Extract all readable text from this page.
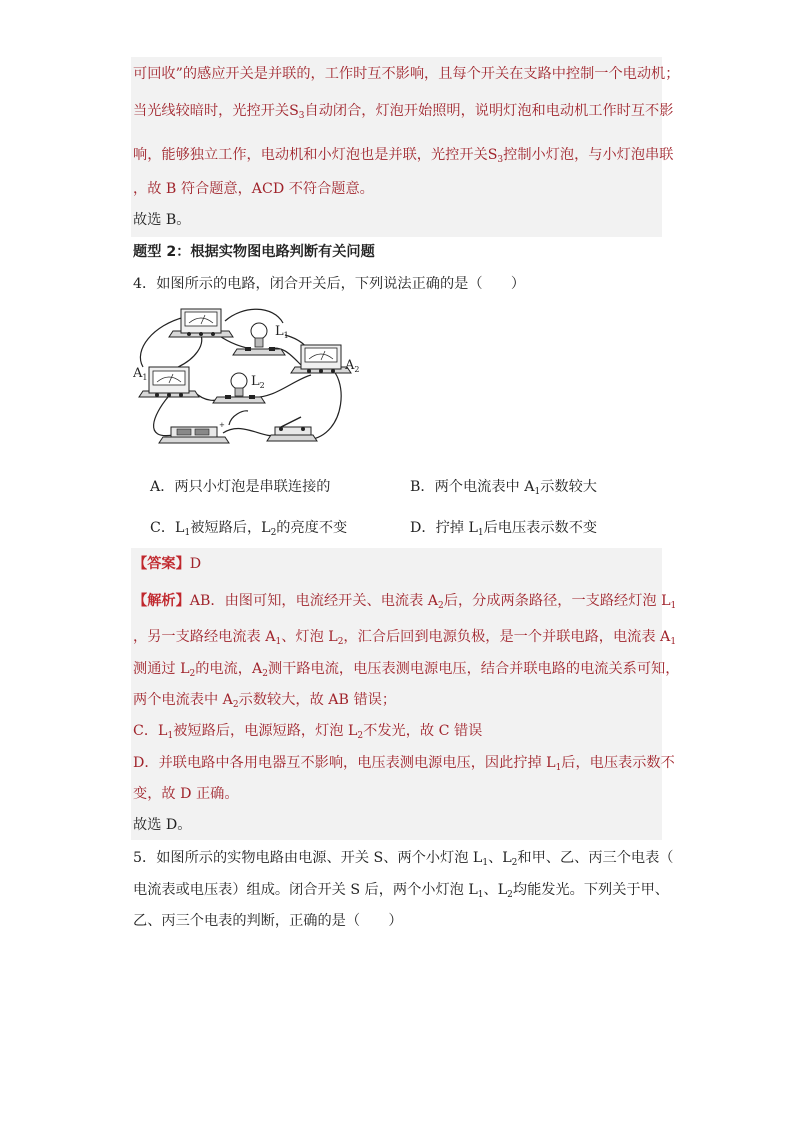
可回收”的感应开关是并联的，工作时互不影响，且每个开关在支路中控制一个电动机；
当光线较暗时，光控开关$S_3$自动闭合，灯泡开始照明，说明灯泡和电动机工作时互不影
响，能够独立工作，电动机和小灯泡也是并联，光控开关$S_3$控制小灯泡，与小灯泡串联
，故 B 符合题意，ACD 不符合题意。
故选 B。
题型 2：根据实物图电路判断有关问题
4．如图所示的电路，闭合开关后，下列说法正确的是（　　）
$L_1$
$A_2$
$A_1$	$L_2$
+
A．两只小灯泡是串联连接的	B．两个电流表中 $A_1$示数较大
C．$L_1$被短路后，$L_2$的亮度不变	D．拧掉 $L_1$后电压表示数不变
【答案】D
【解析】AB．由图可知，电流经开关、电流表 $A_2$后，分成两条路径，一支路经灯泡 $L_1$
，另一支路经电流表 $A_1$、灯泡 $L_2$，汇合后回到电源负极，是一个并联电路，电流表 $A_1$
测通过 $L_2$的电流，$A_2$测干路电流，电压表测电源电压，结合并联电路的电流关系可知，
两个电流表中 $A_2$示数较大，故 AB 错误；
C．$L_1$被短路后，电源短路，灯泡 $L_2$不发光，故 C 错误
D．并联电路中各用电器互不影响，电压表测电源电压，因此拧掉 $L_1$后，电压表示数不
变，故 D 正确。
故选 D。
5．如图所示的实物电路由电源、开关 S、两个小灯泡 $L_1$、$L_2$和甲、乙、丙三个电表（
电流表或电压表）组成。闭合开关 S 后，两个小灯泡 $L_1$、$L_2$均能发光。下列关于甲、
乙、丙三个电表的判断，正确的是（　　）
